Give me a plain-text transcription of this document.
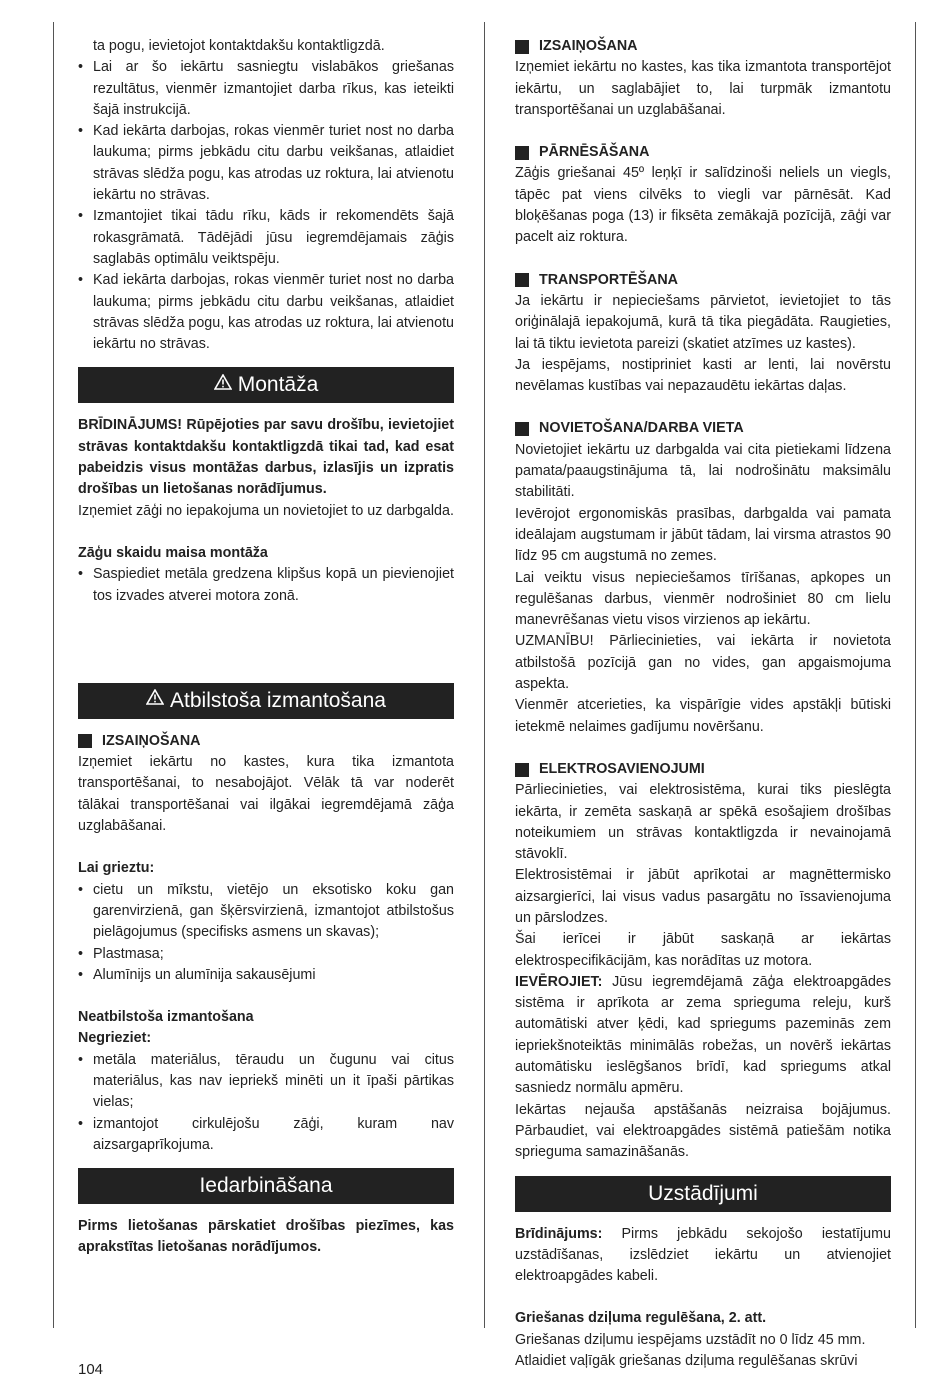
ta pogu, ievietojot kontaktdakšu kontaktligzdā.

• Lai ar šo iekārtu sasniegtu vislabākos griešanas rezultātus, vienmēr izmantojiet darba rīkus, kas ieteikti šajā instrukcijā.
• Kad iekārta darbojas, rokas vienmēr turiet nost no darba laukuma; pirms jebkādu citu darbu veikšanas, atlaidiet strāvas slēdža pogu, kas atrodas uz roktura, lai atvienotu iekārtu no strāvas.
• Izmantojiet tikai tādu rīku, kāds ir rekomendēts šajā rokasgrāmatā. Tādējādi jūsu iegremdējamais zāģis saglabās optimālu veiktspēju.
• Kad iekārta darbojas, rokas vienmēr turiet nost no darba laukuma; pirms jebkādu citu darbu veikšanas, atlaidiet strāvas slēdža pogu, kas atrodas uz roktura, lai atvienotu iekārtu no strāvas.
Montāža

BRĪDINĀJUMS! Rūpējoties par savu drošību, ievietojiet strāvas kontaktdakšu kontaktligzdā tikai tad, kad esat pabeidzis visus montāžas darbus, izlasījis un izpratis drošības un lietošanas norādījumus.

Izņemiet zāģi no iepakojuma un novietojiet to uz darbgalda.

Zāģu skaidu maisa montāža

• Saspiediet metāla gredzena klipšus kopā un pievienojiet tos izvades atverei motora zonā.
Atbilstoša izmantošana

IZSAIŅOŠANA

Izņemiet iekārtu no kastes, kura tika izmantota transportēšanai, to nesabojājot. Vēlāk tā var noderēt tālākai transportēšanai vai ilgākai iegremdējamā zāģa uzglabāšanai.

Lai grieztu:

• cietu un mīkstu, vietējo un eksotisko koku gan garenvirzienā, gan šķērsvirzienā, izmantojot atbilstošus pielāgojumus (specifisks asmens un skavas);
• Plastmasa;
• Alumīnijs un alumīnija sakausējumi

Neatbilstoša izmantošana

Negrieziet:

• metāla materiālus, tēraudu un čugunu vai citus materiālus, kas nav iepriekš minēti un it īpaši pārtikas vielas;
• izmantojot cirkulējošu zāģi, kuram nav aizsargaprīkojuma.
Iedarbināšana

Pirms lietošanas pārskatiet drošības piezīmes, kas aprakstītas lietošanas norādījumos.

IZSAIŅOŠANA

Izņemiet iekārtu no kastes, kas tika izmantota transportējot iekārtu, un saglabājiet to, lai turpmāk izmantotu transportēšanai un uzglabāšanai.

PĀRNĒSĀŠANA

Zāģis griešanai 45º leņķī ir salīdzinoši neliels un viegls, tāpēc pat viens cilvēks to viegli var pārnēsāt. Kad bloķēšanas poga (13) ir fiksēta zemākajā pozīcijā, zāģi var pacelt aiz roktura.

TRANSPORTĒŠANA

Ja iekārtu ir nepieciešams pārvietot, ievietojiet to tās oriģinālajā iepakojumā, kurā tā tika piegādāta. Raugieties, lai tā tiktu ievietota pareizi (skatiet atzīmes uz kastes).

Ja iespējams, nostipriniet kasti ar lenti, lai novērstu nevēlamas kustības vai nepazaudētu iekārtas daļas.

NOVIETOŠANA/DARBA VIETA

Novietojiet iekārtu uz darbgalda vai cita pietiekami līdzena pamata/paaugstinājuma tā, lai nodrošinātu maksimālu stabilitāti.

Ievērojot ergonomiskās prasības, darbgalda vai pamata ideālajam augstumam ir jābūt tādam, lai virsma atrastos 90 līdz 95 cm augstumā no zemes.

Lai veiktu visus nepieciešamos tīrīšanas, apkopes un regulēšanas darbus, vienmēr nodrošiniet 80 cm lielu manevrēšanas vietu visos virzienos ap iekārtu.

UZMANĪBU! Pārliecinieties, vai iekārta ir novietota atbilstošā pozīcijā gan no vides, gan apgaismojuma aspekta.

Vienmēr atcerieties, ka vispārīgie vides apstākļi būtiski ietekmē nelaimes gadījumu novēršanu.

ELEKTROSAVIENOJUMI

Pārliecinieties, vai elektrosistēma, kurai tiks pieslēgta iekārta, ir zemēta saskaņā ar spēkā esošajiem drošības noteikumiem un strāvas kontaktligzda ir nevainojamā stāvoklī.

Elektrosistēmai ir jābūt aprīkotai ar magnēttermisko aizsargierīci, lai visus vadus pasargātu no īssavienojuma un pārslodzes.

Šai ierīcei ir jābūt saskaņā ar iekārtas elektrospecifikācijām, kas norādītas uz motora.

IEVĒROJIET: Jūsu iegremdējamā zāģa elektroapgādes sistēma ir aprīkota ar zema sprieguma releju, kurš automātiski atver ķēdi, kad spriegums pazeminās zem iepriekšnoteiktās minimālās robežas, un novērš iekārtas automātisku ieslēgšanos brīdī, kad spriegums atkal sasniedz normālu apmēru.

Iekārtas nejauša apstāšanās neizraisa bojājumus. Pārbaudiet, vai elektroapgādes sistēmā patiešām notika sprieguma samazināšanās.

Uzstādījumi

Brīdinājums: Pirms jebkādu sekojošo iestatījumu uzstādīšanas, izslēdziet iekārtu un atvienojiet elektroapgādes kabeli.

Griešanas dziļuma regulēšana, 2. att.

Griešanas dziļumu iespējams uzstādīt no 0 līdz 45 mm.

Atlaidiet vaļīgāk griešanas dziļuma regulēšanas skrūvi

104
